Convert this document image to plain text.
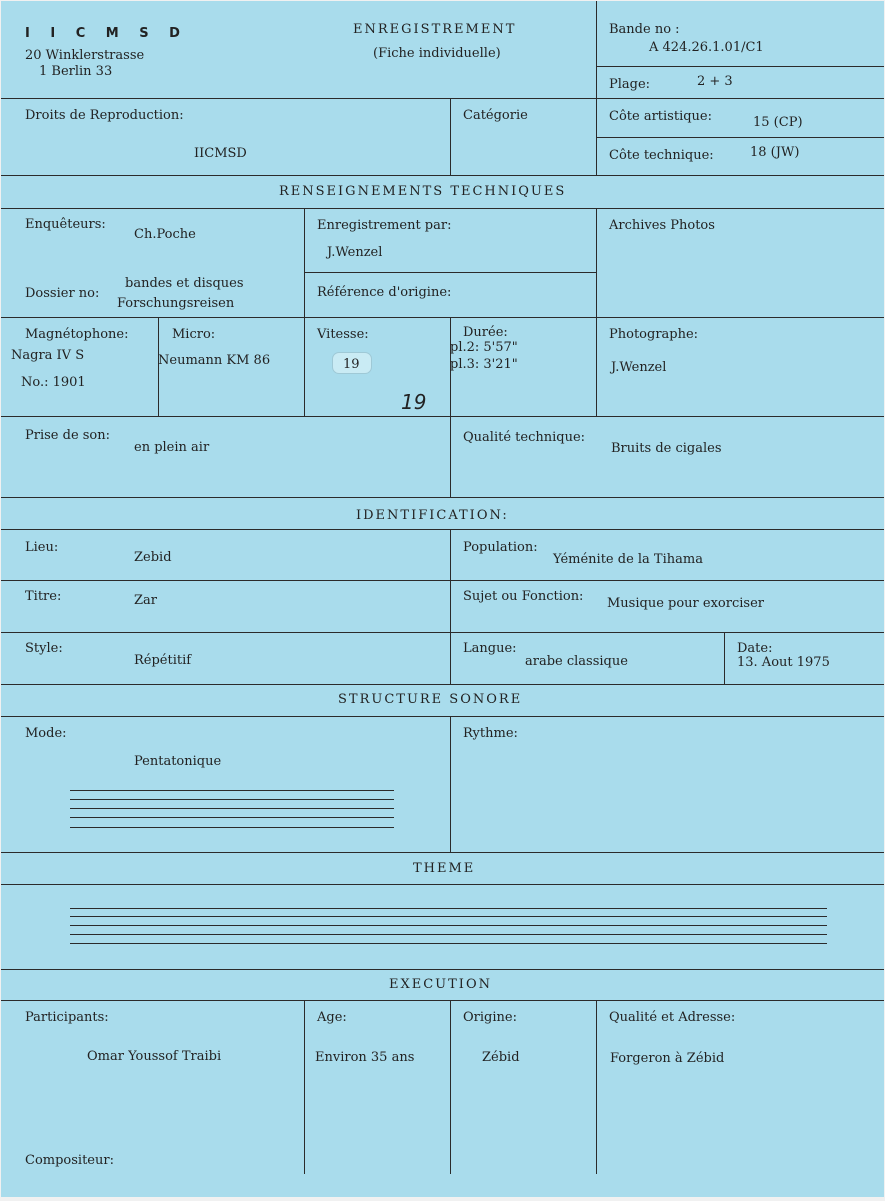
I I C M S D
20 Winklerstrasse
1 Berlin 33
ENREGISTREMENT
(Fiche individuelle)
Bande no :
A 424.26.1.01/C1
Plage:	2 + 3
Droits de Reproduction:
IICMSD
Catégorie	Côte artistique:	15 (CP)
Côte technique:	18 (JW)
RENSEIGNEMENTS TECHNIQUES
Enquêteurs:
Ch.Poche
Enregistrement par:
J.Wenzel
Archives Photos
Dossier no:
bandes et disques
Forschungsreisen
Référence d'origine:
Magnétophone:
Nagra IV S
No.: 1901
Micro:
Neumann KM 86
Vitesse:
19
19
Durée:
pl.2: 5'57"
pl.3: 3'21"
Photographe:
J.Wenzel
Prise de son:
en plein air
Qualité technique:
Bruits de cigales
IDENTIFICATION:
Lieu:
Zebid
Population:
Yéménite de la Tihama
Titre:	Zar	Sujet ou Fonction: Musique pour exorciser
Style:
Répétitif
Langue:
arabe classique
Date:
13. Aout 1975
STRUCTURE SONORE
Mode:
Pentatonique
Rythme:
THEME
EXECUTION
Participants:
Omar Youssof Traibi
Age:
Environ 35 ans
Origine:
Zébid
Qualité et Adresse:
Forgeron à Zébid
Compositeur:
